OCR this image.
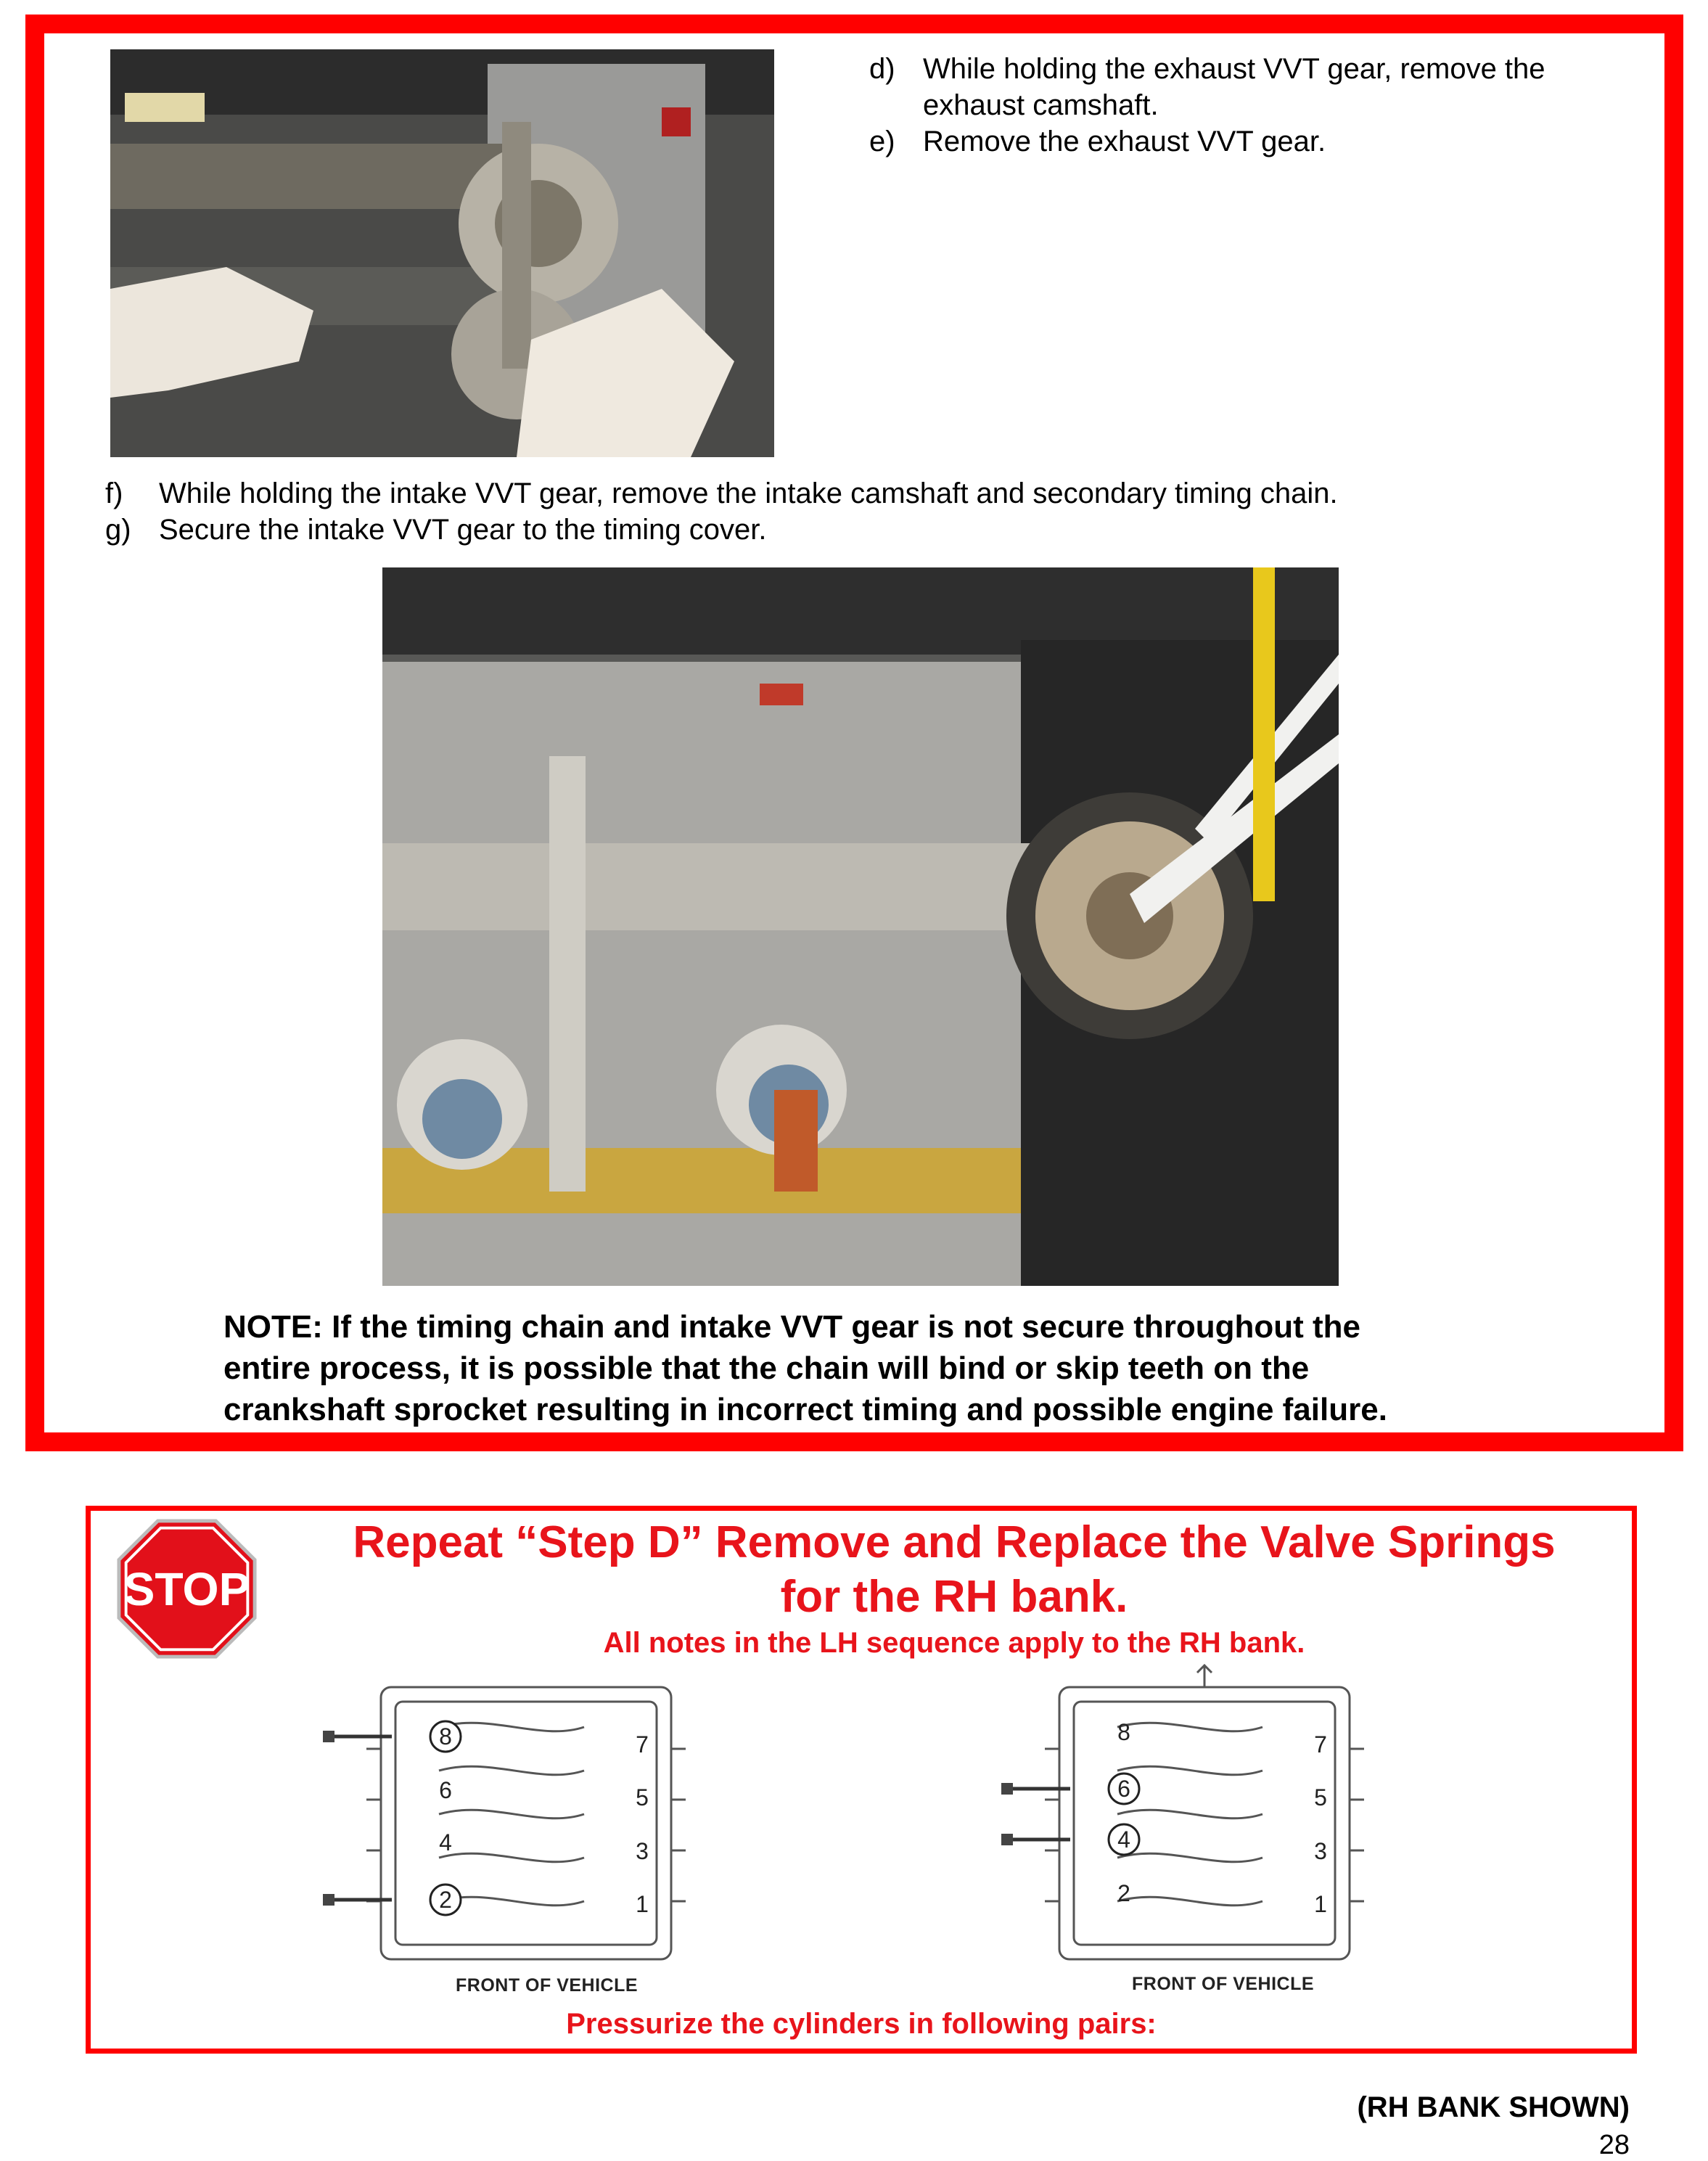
d) While holding the exhaust VVT gear, remove the
exhaust camshaft.
e) Remove the exhaust VVT gear.
f)	While holding the intake VVT gear, remove the intake camshaft and secondary timing chain.
g) Secure the intake VVT gear to the timing cover.
NOTE: If the timing chain and intake VVT gear is not secure throughout the
entire process, it is possible that the chain will bind or skip teeth on the
crankshaft sprocket resulting in incorrect timing and possible engine failure.
STOP
Repeat “Step D” Remove and Replace the Valve Springs
for the RH bank.
All notes in the LH sequence apply to the RH bank.
8	7
6	5
4	3
2	1
FRONT OF VEHICLE
8	7
6	5
4	3
2	1
FRONT OF VEHICLE
Pressurize the cylinders in following pairs:
(RH BANK SHOWN)
28
